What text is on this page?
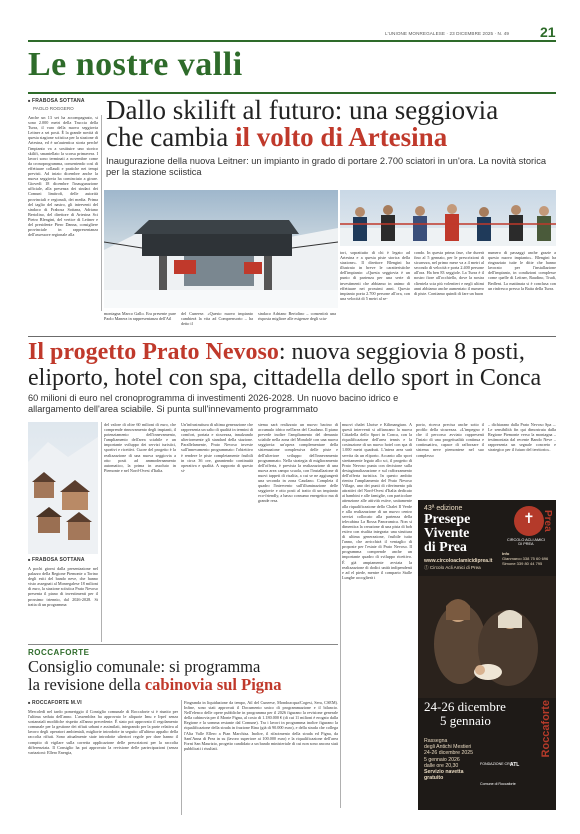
L'UNIONE MONREGALESE · 23 DICEMBRE 2025 · N. 49 21
Le nostre valli
■ FRABOSA SOTTANA
PAOLO ROGGERO
Anche un 13 set ha accompagnato, si sono 2.000 metri della Truccia della Turra, il varo della nuova seggiovia Leitner a sei posti. È la grande novità di questa stagione sciistica per la stazione di Artesina, ed è un'autentica storia perché l'impianto va a sostituire uno storico skilift, smantellato la scorsa primavera. I lavori sono terminati a novembre come da cronoprogramma, consentendo così di effettuare collaudi e pratiche nei tempi previsti. Ad inizio dicembre anche la nuova seggiovia ha cominciato a girare. Giovedì 18 dicembre l'inaugurazione ufficiale, alla presenza dei sindaci dei Comuni limitrofi, delle autorità provinciali e regionali, dei media. Prima del taglio del nastro, gli interventi del sindaco di Frabosa Sottana, Adriano Bertolino, del direttore di Artesina Sci Pietro Blengini, del vertice di Leitner e del presidente Piero Danna, consigliere provinciale in rappresentanza dell'assessore regionale alla
Dallo skilift al futuro: una seggiovia
che cambia il volto di Artesina
Inaugurazione della nuova Leitner: un impianto in grado di portare 2.700 sciatori in un'ora. La novità storica per la stazione sciistica
montagna Marco Gallo. Era presente pure Paolo Manera in rappresentanza dell'Atl
del Cuneese. «Questo nuovo impianto cambierà la vita ad Comprensorio – ha detto il
sindaco Adriano Bertolino – consentirà una risposta migliore alle esigenze degli scia-
tori, soprattutto di chi è legato ad Artesina e a questa piste storica della stazione». Il direttore Blengini ha illustrato in breve le caratteristiche dell'impianto: «Questa seggiovia è un punto di partenza per una serie di investimenti che abbiamo in animo di effettuare nei prossimi anni. Questo impianto porta 2.700 persone all'ora, con una velocità di 5 metri al se-
condo. In questa prima fase, che durerà fino al 5 gennaio, per le prescrizioni di sicurezza, nel primo mese va a 4 metri al secondo di velocità e porta 2.400 persone all'ora. Ha ben 83 seggiole. La Turra è il nostro fiore all'occhiello, dove la nostra clientela scia più volentieri e negli ultimi anni abbiamo anche aumentato il numero di piste. Contiamo quindi di fare un buon
numero di passaggi anche grazie a questo nuovo impianto». Blengini ha ringraziato tutte le ditte che hanno lavorato per l'installazione dell'impianto, in condizioni complesse come quelle di Leitner, Raudino, Trudi, Bedlent. La mattinata si è conclusa con un rinfresco presso la Baita della Turra.
Il progetto Prato Nevoso: nuova seggiovia 8 posti, eliporto, hotel con spa, cittadella dello sport in Conca
60 milioni di euro nel cronoprogramma di investimenti 2026-2028. Un nuovo bacino idrico e allargamento dell'area sciabile. Si punta sull'innevamento programmato
■ FRABOSA SOTTANA
A pochi giorni dalla presentazione nel palazzo della Regione Piemonte a Torino degli esiti del bando neve, che hanno visto assegnati al Monregalese 18 milioni di euro, la stazione sciistica Prato Nevoso presenta il piano di investimenti per il prossimo triennio, dal 2026-2028. Si tratta di un programma
del valore di oltre 60 milioni di euro, che comprende rinnovamento degli impianti, il potenziamento dell'innevamento, l'ampliamento dell'area sciabile e un importante sviluppo dei servizi turistici, sportivi e ricettivi. Cuore del progetto è la realizzazione di una nuova seggiovia a otto posti ad ammodernamento automatico, la prima in assoluto in Piemonte e nel Nord-Ovest d'Italia.
Un'infrastruttura di ultima generazione che rappresenta un salto di qualità in termini di comfort, portata e sicurezza, innalzando ulteriormente gli standard della stazione. Parallelamente, Prato Nevoso investe sull'innevamento programmato: l'obiettivo è rendere le piste completamente fruibili in circa 36 ore, garantendo continuità operativa e qualità. A supporto di questo si-
stema sarà realizzato un nuovo bacino di accumulo idrico nell'area del Caudano. Il piano prevede inoltre l'ampliamento del demanio sciabile nella zona del Mondolè con una nuova seggiovia: un'opera complementare della sistemazione complessiva delle piste e dell'ulteriore sviluppo dell'innevamento programmato. Nella strategia di miglioramento dell'offerta, è prevista la realizzazione di una nuova area campo scuola, con l'installazione di nuovi tappeti di risalita, a cui se ne aggiungerà una seconda in zona Caudano. Completa il quadro l'intervento sull'illuminazione delle seggiovie e otto posti al tratto di un impianto eco-friendly, a basso consumo energetico ma di grande resa.
muovi chalet Lhotse e Kilimangiaro. A questi interventi si affiancano la nuova Cittadella dello Sport in Conca, con la riqualificazione dell'area tennis e la costruzione di un nuovo hotel con spa di 1.000 metri quadrati. L'intera area sarà servita da un eliporto. Accanto allo sport strettamente legato allo sci, il progetto di Prato Nevoso punta con decisione sulla destagionalizzazione e sul rafforzamento dell'offerta turistica. In questo ambito rientra l'ampliamento del Prato Nevoso Village, uno dei punti di riferimento più attrattivi del Nord-Ovest d'Italia dedicato ai bambini e alle famiglie, con particolare attenzione alle attività estive, unitamente alla riqualificazione dello Chalet Il Verde e alla realizzazione di un nuovo centro servizi collocato alla partenza della telecabina La Rossa Panoramica. Non si dimentica la creazione di una pista di bob estivo con risalita integrata: una struttura di ultima generazione, fruibile tutto l'anno, che arricchirà il ventaglio di proposte per l'estate di Prato Nevoso. Il programma comprende anche un importante quadro di sviluppo ricettivo. È già ampiamente avviata la realizzazione di dodici unità indipendenti e ad el piede, mentre il comparto Stalle Lunghe accoglierà i
porto, ricerca precisa anche sotto il profilo della sicurezza. «L'impegno è che il percorso avviato rappresenti l'inizio di una progettualità continua e continuativa, capace di rafforzare il sistema neve piemontese nel suo complesso
– dichiarano dalla Prato Nevoso Spa –. Le sensibilità fin qui dimostrata dalla Regione Piemonte verso la montagna – testimoniata dal recente Bando Neve – rappresenta un segnale concreto e strategico per il futuro del territorio».
ROCCAFORTE
Consiglio comunale: si programma
la revisione della cabinovia sul Pigna
■ ROCCAFORTE M.VI
Mercoledì nel tardo pomeriggio il Consiglio comunale di Roccaforte si è riunito per l'ultima seduta dell'anno. L'assemblea ha approvato le aliquote Imu e Irpef senza sostanziali modifiche rispetto all'anno precedente. È stato poi approvato il regolamento comunale per la gestione dei rifiuti urbani e assimilati, integrando per la parte relativa al lavoro degli operatori ambientali, migliorie introdotte in seguito all'ultimo appalto della raccolta rifiuti. Sono attualmente state introdotte ulteriori regole per dare hanno il compito di vigilare sulla corretta applicazione delle prescrizioni per la raccolta differenziata. Il Consiglio ha poi approvato la revisione delle partecipazioni (senza variazioni: Ellero Energia,
Fingranda in liquidazione da tempo, Atl del Cuneese, Mondoacqua/Cogesi, Sera, CSEM). Infine, sono stati approvati il Documento unico di programmazione e il bilancio. Nell'elenco delle opere pubbliche in programma per il 2026 figurano la revisione generale della cabinovia per il Monte Pigna, al costo di 1.180.000 € (di cui 11 milioni è erogato dalla Regione e la somma restante dal Comune). Tra i lavori in programma inoltre figurano la riqualificazione della strada in frazione Rina (già di 90.000 euro), e della strada che collega l'Alta Valle Ellero a Pian Marchisa. Inoltre, il rifacimento della strada ed Pigna, da Sant'Anna di Prea in su (lavoro superiore ai 100.000 euro) e la riqualificazione dell'area Forni San Maurizio, progetto candidato a un bando ministeriale di cui non sono ancora stati pubblicati i risultati.
43ª edizione
Presepe
Vivente
di Prea
www.circoloaclamicidiprea.it
ⓕ Circolo Acli Amici di Prea
✝
CIRCOLO ACLI AMICI DI PREA
Prea
Info
Gianmarco 338 75 60 696
Simone 339 80 44 795
24-26 dicembre
5 gennaio
Rassegna
degli Antichi Mestieri
24-26 dicembre 2025
5 gennaio 2026
dalle ore 20,30
Servizio navetta
gratuito
Roccaforte
FONDAZIONE CRC
ATL
Comune di Roccaforte
